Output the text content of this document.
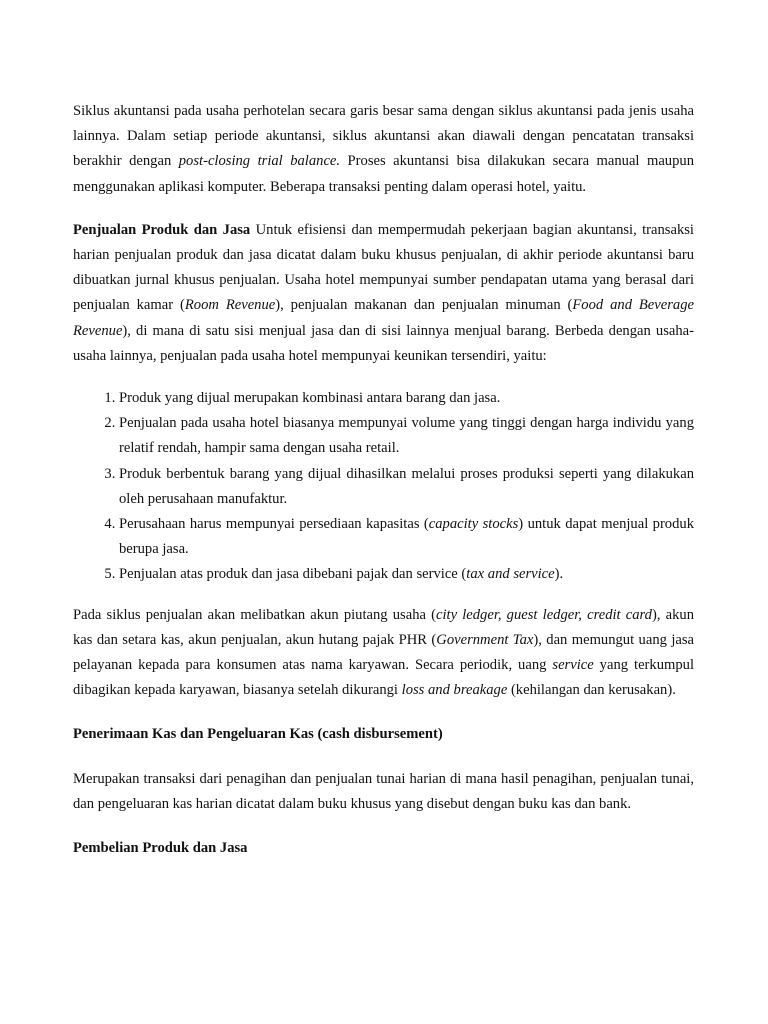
Siklus akuntansi pada usaha perhotelan secara garis besar sama dengan siklus akuntansi pada jenis usaha lainnya. Dalam setiap periode akuntansi, siklus akuntansi akan diawali dengan pencatatan transaksi berakhir dengan post-closing trial balance. Proses akuntansi bisa dilakukan secara manual maupun menggunakan aplikasi komputer. Beberapa transaksi penting dalam operasi hotel, yaitu.

Penjualan Produk dan Jasa Untuk efisiensi dan mempermudah pekerjaan bagian akuntansi, transaksi harian penjualan produk dan jasa dicatat dalam buku khusus penjualan, di akhir periode akuntansi baru dibuatkan jurnal khusus penjualan. Usaha hotel mempunyai sumber pendapatan utama yang berasal dari penjualan kamar (Room Revenue), penjualan makanan dan penjualan minuman (Food and Beverage Revenue), di mana di satu sisi menjual jasa dan di sisi lainnya menjual barang. Berbeda dengan usaha-usaha lainnya, penjualan pada usaha hotel mempunyai keunikan tersendiri, yaitu:

1. Produk yang dijual merupakan kombinasi antara barang dan jasa.
2. Penjualan pada usaha hotel biasanya mempunyai volume yang tinggi dengan harga individu yang relatif rendah, hampir sama dengan usaha retail.
3. Produk berbentuk barang yang dijual dihasilkan melalui proses produksi seperti yang dilakukan oleh perusahaan manufaktur.
4. Perusahaan harus mempunyai persediaan kapasitas (capacity stocks) untuk dapat menjual produk berupa jasa.
5. Penjualan atas produk dan jasa dibebani pajak dan service (tax and service).

Pada siklus penjualan akan melibatkan akun piutang usaha (city ledger, guest ledger, credit card), akun kas dan setara kas, akun penjualan, akun hutang pajak PHR (Government Tax), dan memungut uang jasa pelayanan kepada para konsumen atas nama karyawan. Secara periodik, uang service yang terkumpul dibagikan kepada karyawan, biasanya setelah dikurangi loss and breakage (kehilangan dan kerusakan).

Penerimaan Kas dan Pengeluaran Kas (cash disbursement)

Merupakan transaksi dari penagihan dan penjualan tunai harian di mana hasil penagihan, penjualan tunai, dan pengeluaran kas harian dicatat dalam buku khusus yang disebut dengan buku kas dan bank.

Pembelian Produk dan Jasa
